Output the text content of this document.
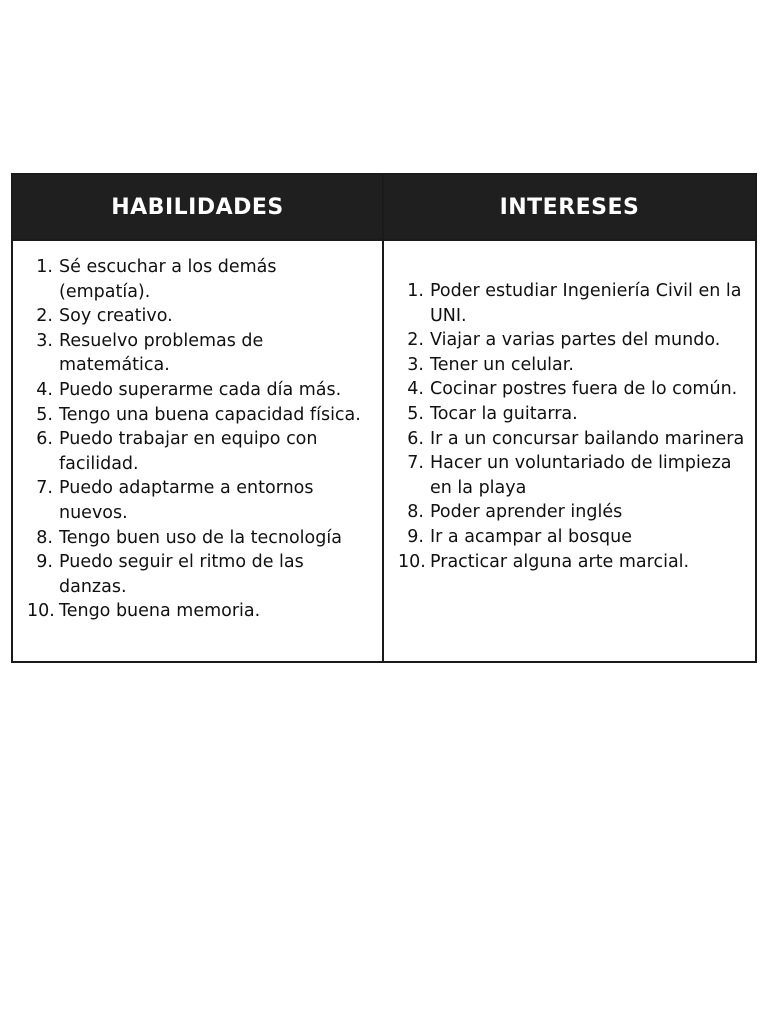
HABILIDADES	INTERESES
1. Sé escuchar a los demás (empatía).
2. Soy creativo.
3. Resuelvo problemas de matemática.
4. Puedo superarme cada día más.
5. Tengo una buena capacidad física.
6. Puedo trabajar en equipo con facilidad.
7. Puedo adaptarme a entornos nuevos.
8. Tengo buen uso de la tecnología
9. Puedo seguir el ritmo de las danzas.
10. Tengo buena memoria.
1. Poder estudiar Ingeniería Civil en la UNI.
2. Viajar a varias partes del mundo.
3. Tener un celular.
4. Cocinar postres fuera de lo común.
5. Tocar la guitarra.
6. Ir a un concursar bailando marinera
7. Hacer un voluntariado de limpieza en la playa
8. Poder aprender inglés
9. Ir a acampar al bosque
10. Practicar alguna arte marcial.
